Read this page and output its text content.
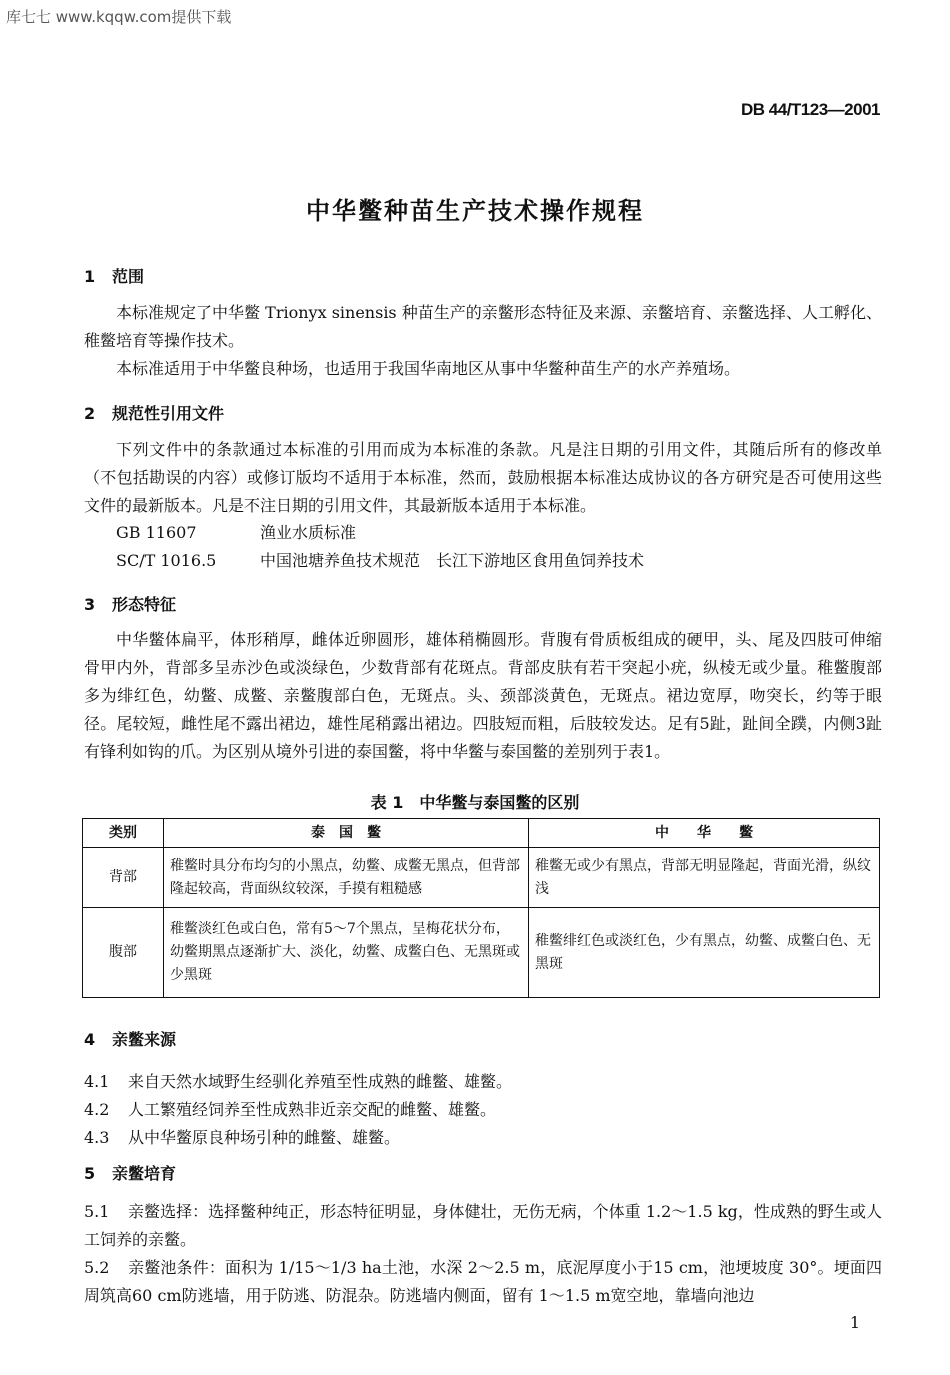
库七七 www.kqqw.com提供下载
DB 44/T123—2001
中华鳖种苗生产技术操作规程
1 范围
本标准规定了中华鳖 Trionyx sinensis 种苗生产的亲鳖形态特征及来源、亲鳖培育、亲鳖选择、人工孵化、稚鳖培育等操作技术。
本标准适用于中华鳖良种场，也适用于我国华南地区从事中华鳖种苗生产的水产养殖场。
2 规范性引用文件
下列文件中的条款通过本标准的引用而成为本标准的条款。凡是注日期的引用文件，其随后所有的修改单（不包括勘误的内容）或修订版均不适用于本标准，然而，鼓励根据本标准达成协议的各方研究是否可使用这些文件的最新版本。凡是不注日期的引用文件，其最新版本适用于本标准。
GB 11607	渔业水质标准
SC/T 1016.5	中国池塘养鱼技术规范　长江下游地区食用鱼饲养技术
3 形态特征
中华鳖体扁平，体形稍厚，雌体近卵圆形，雄体稍椭圆形。背腹有骨质板组成的硬甲，头、尾及四肢可伸缩骨甲内外，背部多呈赤沙色或淡绿色，少数背部有花斑点。背部皮肤有若干突起小疣，纵棱无或少量。稚鳖腹部多为绯红色，幼鳖、成鳖、亲鳖腹部白色，无斑点。头、颈部淡黄色，无斑点。裙边宽厚，吻突长，约等于眼径。尾较短，雌性尾不露出裙边，雄性尾稍露出裙边。四肢短而粗，后肢较发达。足有5趾，趾间全蹼，内侧3趾有锋利如钩的爪。为区别从境外引进的泰国鳖，将中华鳖与泰国鳖的差别列于表1。
表 1　中华鳖与泰国鳖的区别
类别	泰　国　鳖	中　　华　　鳖
背部	稚鳖时具分布均匀的小黑点，幼鳖、成鳖无黑点，但背部隆起较高，背面纵纹较深，手摸有粗糙感	稚鳖无或少有黑点，背部无明显隆起，背面光滑，纵纹浅
腹部	稚鳖淡红色或白色，常有5～7个黑点，呈梅花状分布，幼鳖期黑点逐渐扩大、淡化，幼鳖、成鳖白色、无黑斑或少黑斑	稚鳖绯红色或淡红色，少有黑点，幼鳖、成鳖白色、无黑斑
4 亲鳖来源
4.1 来自天然水域野生经驯化养殖至性成熟的雌鳖、雄鳖。
4.2 人工繁殖经饲养至性成熟非近亲交配的雌鳖、雄鳖。
4.3 从中华鳖原良种场引种的雌鳖、雄鳖。
5 亲鳖培育
5.1 亲鳖选择：选择鳖种纯正，形态特征明显，身体健壮，无伤无病，个体重 1.2～1.5 kg，性成熟的野生或人工饲养的亲鳖。
5.2 亲鳖池条件：面积为 1/15～1/3 ha土池，水深 2～2.5 m，底泥厚度小于15 cm，池埂坡度 30°。埂面四周筑高60 cm防逃墙，用于防逃、防混杂。防逃墙内侧面，留有 1～1.5 m宽空地，靠墙向池边
1
